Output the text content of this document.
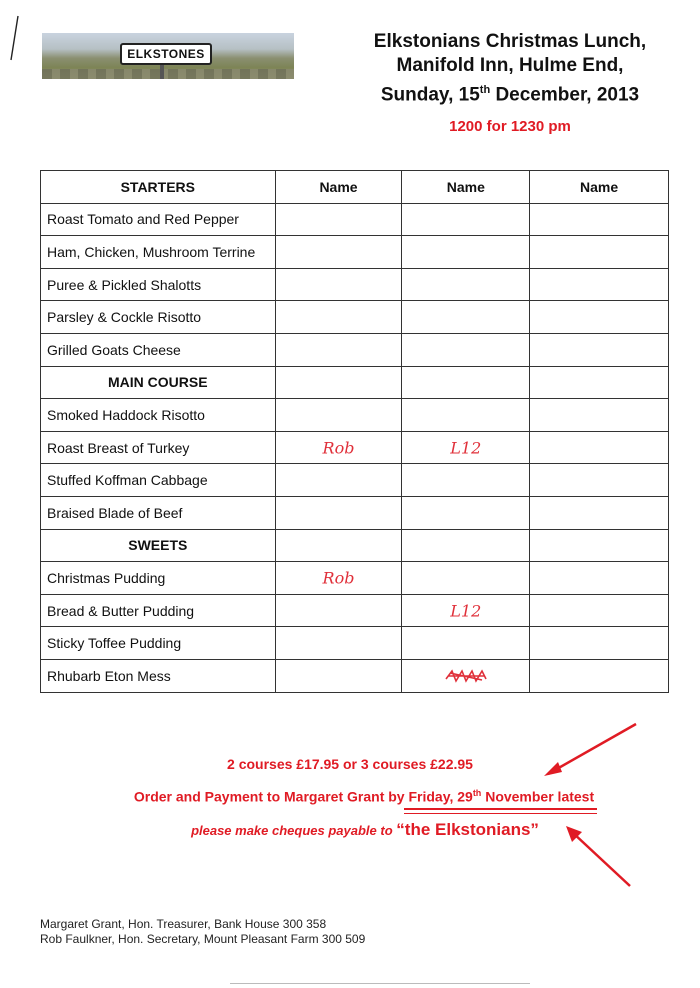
ELKSTONES
Elkstonians Christmas Lunch,
Manifold Inn, Hulme End,
Sunday, 15th December, 2013
1200 for 1230 pm
STARTERS	Name	Name	Name
Roast Tomato and Red Pepper			
Ham, Chicken, Mushroom Terrine			
Puree & Pickled Shalotts			
Parsley & Cockle Risotto			
Grilled Goats Cheese			
MAIN COURSE			
Smoked Haddock Risotto			
Roast Breast of Turkey	Rob	L12	

Stuffed Koffman Cabbage			
Braised Blade of Beef			
SWEETS			
Christmas Pudding	Rob		

Bread & Butter Pudding		L12	

Sticky Toffee Pudding			
Rhubarb Eton Mess		

2 courses £17.95 or 3 courses £22.95
Order and Payment to Margaret Grant by Friday, 29th November latest
please make cheques payable to “the Elkstonians”
Margaret Grant, Hon. Treasurer, Bank House 300 358
Rob Faulkner, Hon. Secretary, Mount Pleasant Farm 300 509
